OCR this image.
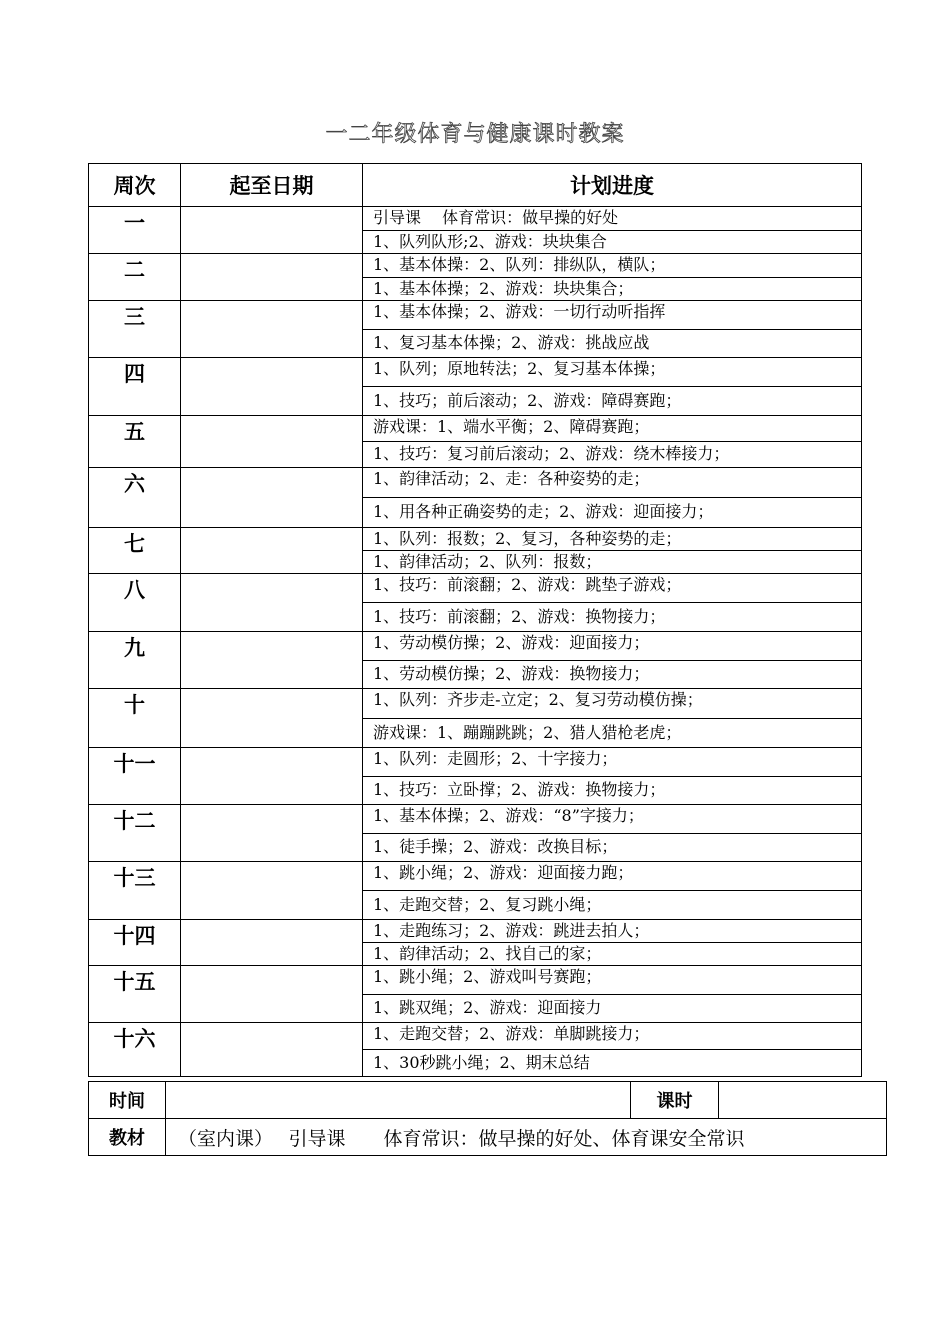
一二年级体育与健康课时教案
周次	起至日期	计划进度
一		引导课　 体育常识：做早操的好处
1、队列队形;2、游戏：块块集合

二		1、基本体操：2、队列：排纵队，横队；
1、基本体操；2、游戏：块块集合；

三		1、基本体操；2、游戏：一切行动听指挥
1、复习基本体操；2、游戏：挑战应战

四		1、队列；原地转法；2、复习基本体操；
1、技巧；前后滚动；2、游戏：障碍赛跑；

五		游戏课：1、端水平衡；2、障碍赛跑；
1、技巧：复习前后滚动；2、游戏：绕木棒接力；

六		1、韵律活动；2、走：各种姿势的走；
1、用各种正确姿势的走；2、游戏：迎面接力；

七		1、队列：报数；2、复习，各种姿势的走；
1、韵律活动；2、队列：报数；

八		1、技巧：前滚翻；2、游戏：跳垫子游戏；
1、技巧：前滚翻；2、游戏：换物接力；

九		1、劳动模仿操；2、游戏：迎面接力；
1、劳动模仿操；2、游戏：换物接力；

十		1、队列：齐步走-立定；2、复习劳动模仿操；
游戏课：1、蹦蹦跳跳；2、猎人猎枪老虎；

十一		1、队列：走圆形；2、十字接力；
1、技巧：立卧撑；2、游戏：换物接力；

十二		1、基本体操；2、游戏：“8”字接力；
1、徒手操；2、游戏：改换目标；

十三		1、跳小绳；2、游戏：迎面接力跑；
1、走跑交替；2、复习跳小绳；

十四		1、走跑练习；2、游戏：跳进去拍人；
1、韵律活动；2、找自己的家；

十五		1、跳小绳；2、游戏叫号赛跑；
1、跳双绳；2、游戏：迎面接力

十六		1、走跑交替；2、游戏：单脚跳接力；
1、30秒跳小绳；2、期末总结
时间		课时	
教材	（室内课）　 引导课　　体育常识：做早操的好处、体育课安全常识		
